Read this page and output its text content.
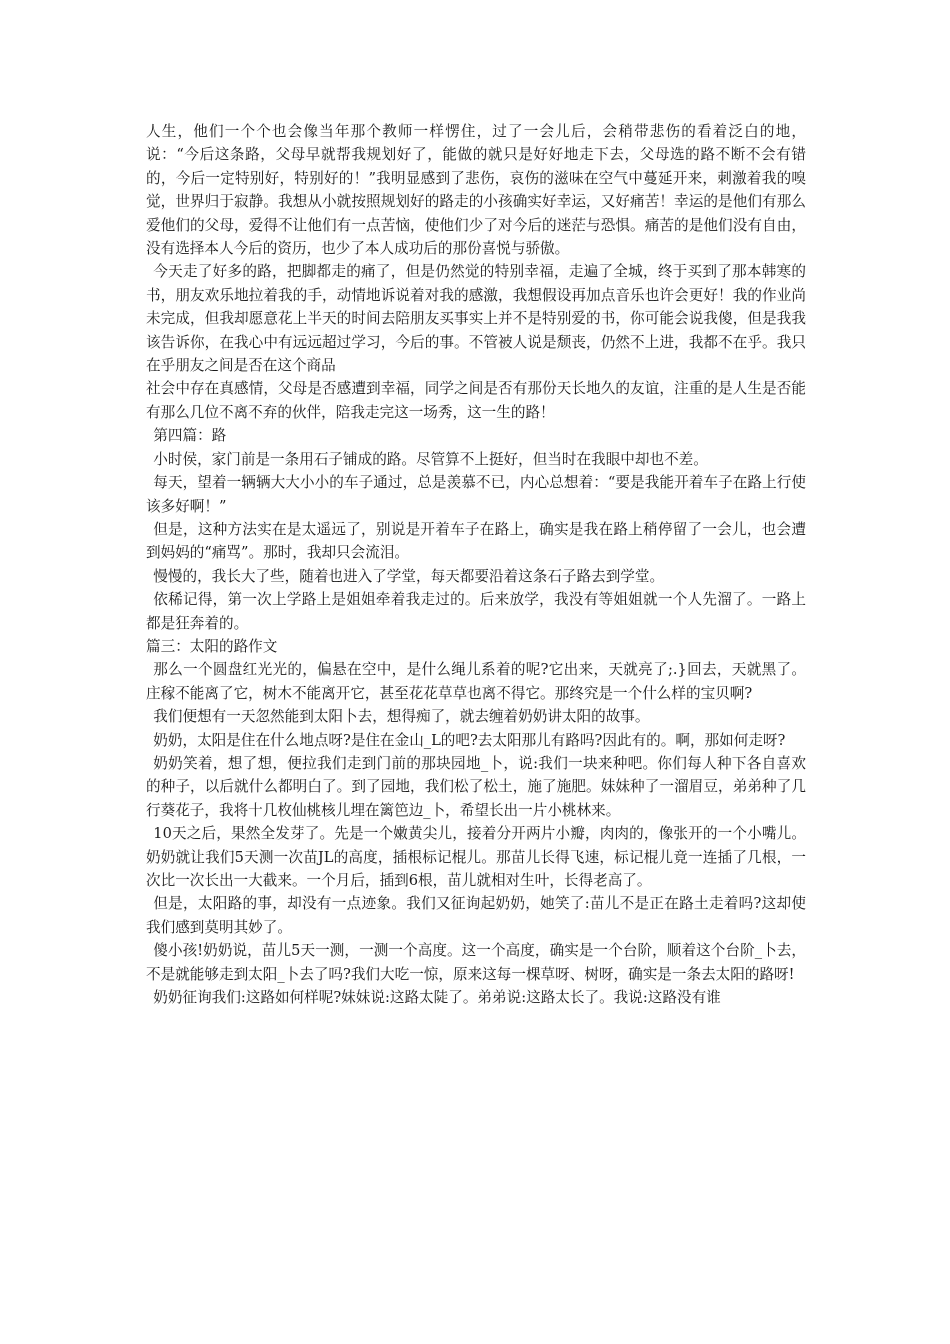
人生，他们一个个也会像当年那个教师一样愣住，过了一会儿后，会稍带悲伤的看着泛白的地，说：“今后这条路，父母早就帮我规划好了，能做的就只是好好地走下去，父母选的路不断不会有错的，今后一定特别好，特别好的！”我明显感到了悲伤，哀伤的滋味在空气中蔓延开来，刺激着我的嗅觉，世界归于寂静。我想从小就按照规划好的路走的小孩确实好幸运，又好痛苦！幸运的是他们有那么爱他们的父母，爱得不让他们有一点苦恼，使他们少了对今后的迷茫与恐惧。痛苦的是他们没有自由，没有选择本人今后的资历，也少了本人成功后的那份喜悦与骄傲。

今天走了好多的路，把脚都走的痛了，但是仍然觉的特别幸福，走遍了全城，终于买到了那本韩寒的书，朋友欢乐地拉着我的手，动情地诉说着对我的感激，我想假设再加点音乐也许会更好！我的作业尚未完成，但我却愿意花上半天的时间去陪朋友买事实上并不是特别爱的书，你可能会说我傻，但是我我该告诉你，在我心中有远远超过学习，今后的事。不管被人说是颓丧，仍然不上进，我都不在乎。我只在乎朋友之间是否在这个商品

社会中存在真感情，父母是否感遭到幸福，同学之间是否有那份天长地久的友谊，注重的是人生是否能有那么几位不离不弃的伙伴，陪我走完这一场秀，这一生的路！

第四篇：路

小时侯，家门前是一条用石子铺成的路。尽管算不上挺好，但当时在我眼中却也不差。

每天，望着一辆辆大大小小的车子通过，总是羡慕不已，内心总想着：“要是我能开着车子在路上行使该多好啊！”

但是，这种方法实在是太遥远了，别说是开着车子在路上，确实是我在路上稍停留了一会儿，也会遭到妈妈的“痛骂”。那时，我却只会流泪。

慢慢的，我长大了些，随着也进入了学堂，每天都要沿着这条石子路去到学堂。

依稀记得，第一次上学路上是姐姐牵着我走过的。后来放学，我没有等姐姐就一个人先溜了。一路上都是狂奔着的。

篇三：太阳的路作文

那么一个圆盘红光光的，偏悬在空中，是什么绳儿系着的呢?它出来，天就亮了;.}回去，天就黑了。庄稼不能离了它，树木不能离开它，甚至花花草草也离不得它。那终究是一个什么样的宝贝啊?

我们便想有一天忽然能到太阳卜去，想得痴了，就去缠着奶奶讲太阳的故事。

奶奶，太阳是住在什么地点呀?是住在金山_L的吧?去太阳那儿有路吗?因此有的。啊，那如何走呀?

奶奶笑着，想了想，便拉我们走到门前的那块园地_卜，说:我们一块来种吧。你们每人种下各自喜欢的种子，以后就什么都明白了。到了园地，我们松了松土，施了施肥。妹妹种了一溜眉豆，弟弟种了几行葵花子，我将十几枚仙桃核儿埋在篱笆边_卜，希望长出一片小桃林来。

10天之后，果然全发芽了。先是一个嫩黄尖儿，接着分开两片小瓣，肉肉的，像张开的一个小嘴儿。奶奶就让我们5天测一次苗JL的高度，插根标记棍儿。那苗儿长得飞速，标记棍儿竟一连插了几根，一次比一次长出一大截来。一个月后，插到6根，苗儿就相对生叶，长得老高了。

但是，太阳路的事，却没有一点迹象。我们又征询起奶奶，她笑了:苗儿不是正在路土走着吗?这却使我们感到莫明其妙了。

傻小孩!奶奶说，苗儿5天一测，一测一个高度。这一个高度，确实是一个台阶，顺着这个台阶_卜去，不是就能够走到太阳_卜去了吗?我们大吃一惊，原来这每一棵草呀、树呀，确实是一条去太阳的路呀!

奶奶征询我们:这路如何样呢?妹妹说:这路太陡了。弟弟说:这路太长了。我说:这路没有谁
